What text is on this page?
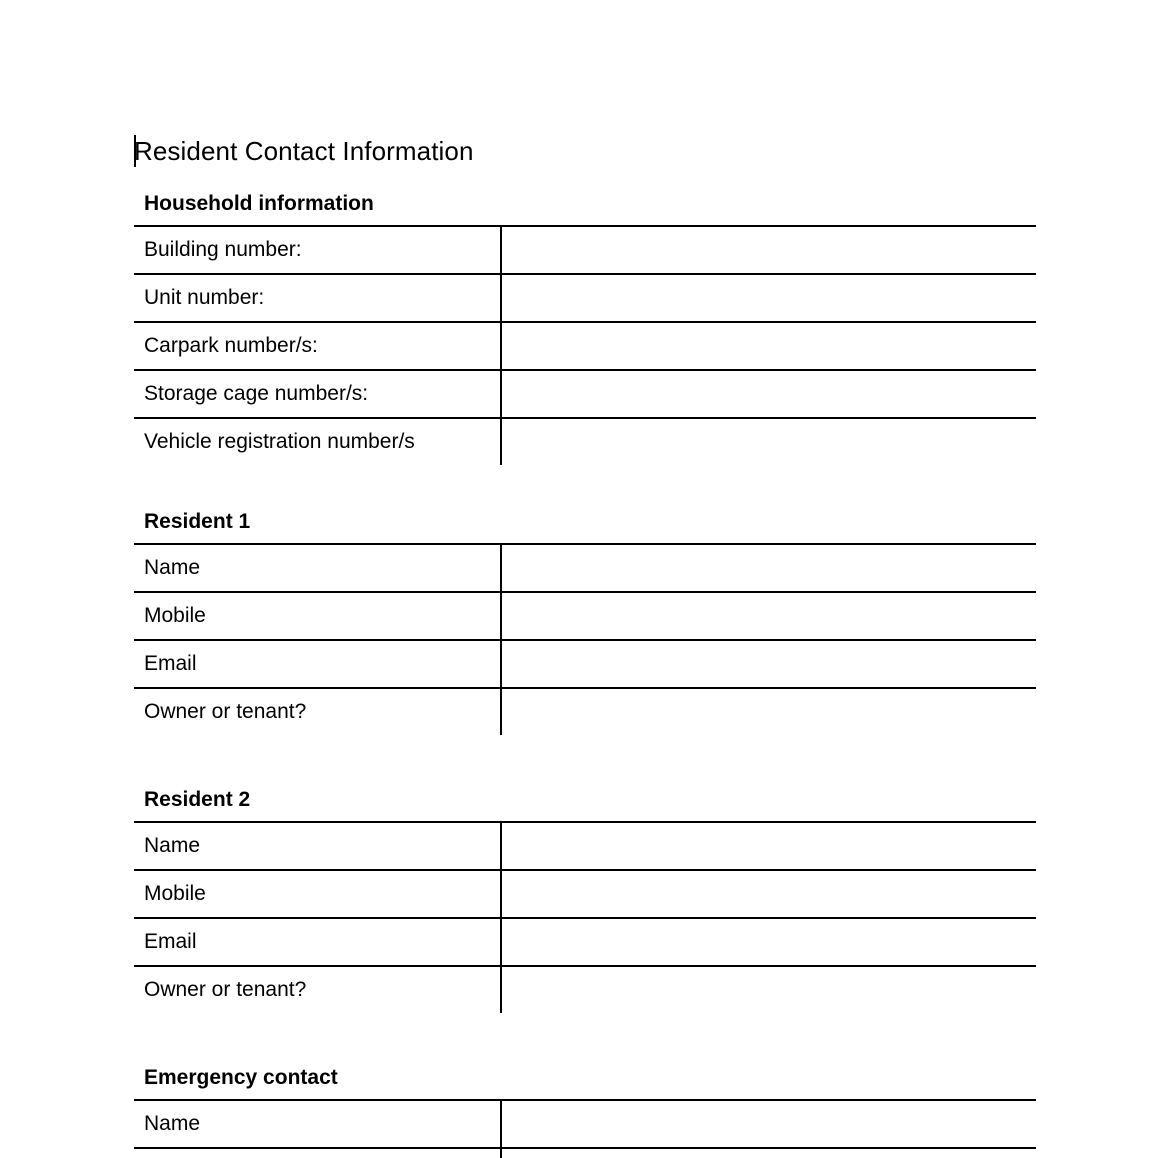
Resident Contact Information
Household information
Building number:	
Unit number:	
Carpark number/s:	
Storage cage number/s:	
Vehicle registration number/s	
Resident 1
Name	
Mobile	
Email	
Owner or tenant?	
Resident 2
Name	
Mobile	
Email	
Owner or tenant?	
Emergency contact
Name	
